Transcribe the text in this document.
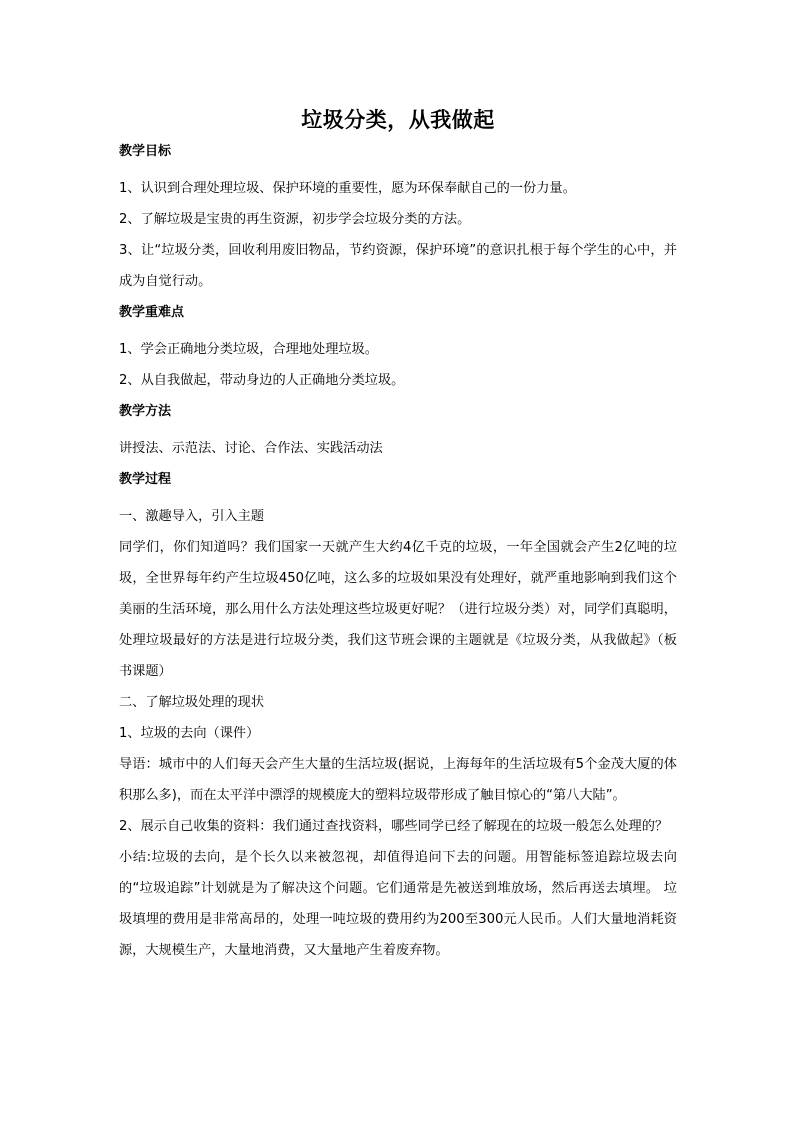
垃圾分类，从我做起
教学目标

1、认识到合理处理垃圾、保护环境的重要性，愿为环保奉献自己的一份力量。

2、了解垃圾是宝贵的再生资源，初步学会垃圾分类的方法。

3、让“垃圾分类，回收利用废旧物品，节约资源，保护环境”的意识扎根于每个学生的心中，并成为自觉行动。

教学重难点

1、学会正确地分类垃圾，合理地处理垃圾。

2、从自我做起，带动身边的人正确地分类垃圾。

教学方法

讲授法、示范法、讨论、合作法、实践活动法

教学过程

一、激趣导入，引入主题

同学们，你们知道吗？我们国家一天就产生大约4亿千克的垃圾，一年全国就会产生2亿吨的垃圾，全世界每年约产生垃圾450亿吨，这么多的垃圾如果没有处理好，就严重地影响到我们这个美丽的生活环境，那么用什么方法处理这些垃圾更好呢？（进行垃圾分类）对，同学们真聪明，处理垃圾最好的方法是进行垃圾分类，我们这节班会课的主题就是《垃圾分类，从我做起》（板书课题）

二、了解垃圾处理的现状

1、垃圾的去向（课件）

导语：城市中的人们每天会产生大量的生活垃圾(据说，上海每年的生活垃圾有5个金茂大厦的体积那么多)，而在太平洋中漂浮的规模庞大的塑料垃圾带形成了触目惊心的“第八大陆”。

2、展示自己收集的资料：我们通过查找资料，哪些同学已经了解现在的垃圾一般怎么处理的？

小结:垃圾的去向，是个长久以来被忽视，却值得追问下去的问题。用智能标签追踪垃圾去向的“垃圾追踪”计划就是为了解决这个问题。它们通常是先被送到堆放场，然后再送去填埋。 垃圾填埋的费用是非常高昂的，处理一吨垃圾的费用约为200至300元人民币。人们大量地消耗资源，大规模生产，大量地消费，又大量地产生着废弃物。
